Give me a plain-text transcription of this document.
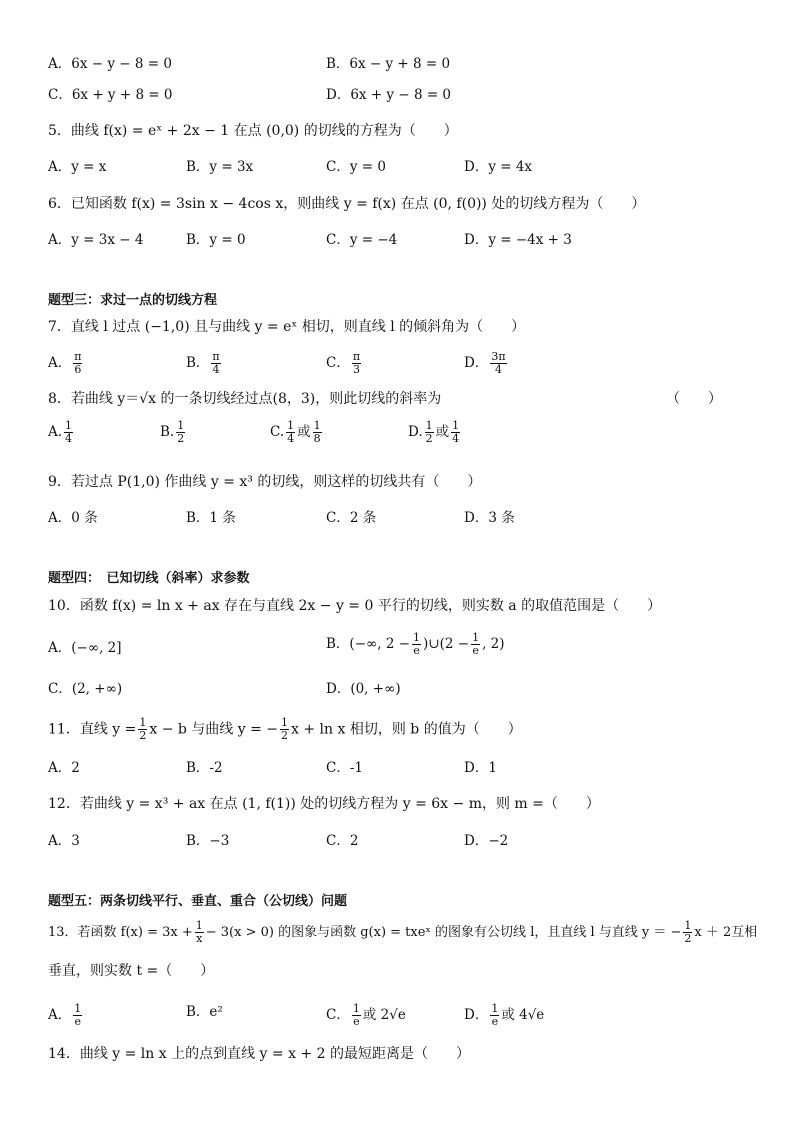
A．6x − y − 8 = 0	B．6x − y + 8 = 0
C．6x + y + 8 = 0	D．6x + y − 8 = 0
5．曲线 f(x) = eˣ + 2x − 1 在点 (0,0) 的切线的方程为（　　）
A．y = x	B．y = 3x	C．y = 0	D．y = 4x
6．已知函数 f(x) = 3sin x − 4cos x，则曲线 y = f(x) 在点 (0, f(0)) 处的切线方程为（　　）
A．y = 3x − 4	B．y = 0	C．y = −4	D．y = −4x + 3
题型三：求过一点的切线方程
7．直线 l 过点 (−1,0) 且与曲线 y = eˣ 相切，则直线 l 的倾斜角为（　　）
A． $\frac{\pi}{6}$	B． $\frac{\pi}{4}$	C． $\frac{\pi}{3}$	D． $\frac{3\pi}{4}$
8．若曲线 y＝√x 的一条切线经过点(8，3)，则此切线的斜率为	（　　）
A. $\frac{1}{4}$	B. $\frac{1}{2}$	C. $\frac{1}{4}$ 或 $\frac{1}{8}$	D. $\frac{1}{2}$ 或 $\frac{1}{4}$
9．若过点 P(1,0) 作曲线 y = x³ 的切线，则这样的切线共有（　　）
A．0 条	B．1 条	C．2 条	D．3 条
题型四：　已知切线（斜率）求参数
10．函数 f(x) = ln x + ax 存在与直线 2x − y = 0 平行的切线，则实数 a 的取值范围是（　　）
A．(−∞, 2]	B．(−∞, $2 - \frac{1}{e}$ )∪(2 − $\frac{1}{e}$ , 2)
C．(2, +∞)	D．(0, +∞)
11．直线 $y = \frac{1}{2}$ x − b 与曲线 y = − $\frac{1}{2}$ x + ln x 相切，则 b 的值为（　　）
A．2	B．-2	C．-1	D．1
12．若曲线 y = x³ + ax 在点 (1, f(1)) 处的切线方程为 y = 6x − m，则 m =（　　）
A．3	B．−3	C．2	D．−2
题型五：两条切线平行、垂直、重合（公切线）问题
13．若函数 $f(x) = 3x + \frac{1}{x} - 3(x > 0)$ 的图象与函数 g(x) = txeˣ 的图象有公切线 l，且直线 l 与直线 y ＝ − $\frac{1}{2}$ x ＋ 2互相
垂直，则实数 t =（　　）
A． $\frac{1}{e}$	B．e²	C． $\frac{1}{e}$ 或 2√e	D． $\frac{1}{e}$ 或 4√e
14．曲线 y = ln x 上的点到直线 y = x + 2 的最短距离是（　　）
